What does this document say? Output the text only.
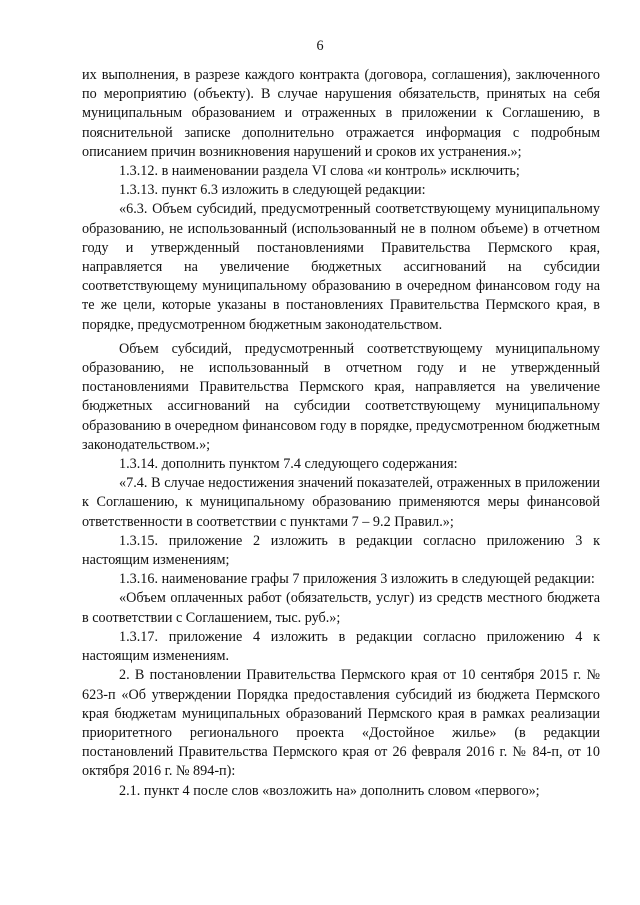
6

их выполнения, в разрезе каждого контракта (договора, соглашения), заключенного по мероприятию (объекту). В случае нарушения обязательств, принятых на себя муниципальным образованием и отраженных в приложении к Соглашению, в пояснительной записке дополнительно отражается информация с подробным описанием причин возникновения нарушений и сроков их устранения.»;

1.3.12. в наименовании раздела VI слова «и контроль» исключить;

1.3.13. пункт 6.3 изложить в следующей редакции:

«6.3. Объем субсидий, предусмотренный соответствующему муниципальному образованию, не использованный (использованный не в полном объеме) в отчетном году и утвержденный постановлениями Правительства Пермского края, направляется на увеличение бюджетных ассигнований на субсидии соответствующему муниципальному образованию в очередном финансовом году на те же цели, которые указаны в постановлениях Правительства Пермского края, в порядке, предусмотренном бюджетным законодательством.

Объем субсидий, предусмотренный соответствующему муниципальному образованию, не использованный в отчетном году и не утвержденный постановлениями Правительства Пермского края, направляется на увеличение бюджетных ассигнований на субсидии соответствующему муниципальному образованию в очередном финансовом году в порядке, предусмотренном бюджетным законодательством.»;

1.3.14. дополнить пунктом 7.4 следующего содержания:

«7.4. В случае недостижения значений показателей, отраженных в приложении к Соглашению, к муниципальному образованию применяются меры финансовой ответственности в соответствии с пунктами 7 – 9.2 Правил.»;

1.3.15. приложение 2 изложить в редакции согласно приложению 3 к настоящим изменениям;

1.3.16. наименование графы 7 приложения 3 изложить в следующей редакции:

«Объем оплаченных работ (обязательств, услуг) из средств местного бюджета в соответствии с Соглашением, тыс. руб.»;

1.3.17. приложение 4 изложить в редакции согласно приложению 4 к настоящим изменениям.

2. В постановлении Правительства Пермского края от 10 сентября 2015 г. № 623-п «Об утверждении Порядка предоставления субсидий из бюджета Пермского края бюджетам муниципальных образований Пермского края в рамках реализации приоритетного регионального проекта «Достойное жилье» (в редакции постановлений Правительства Пермского края от 26 февраля 2016 г. № 84-п, от 10 октября 2016 г. № 894-п):

2.1. пункт 4 после слов «возложить на» дополнить словом «первого»;
